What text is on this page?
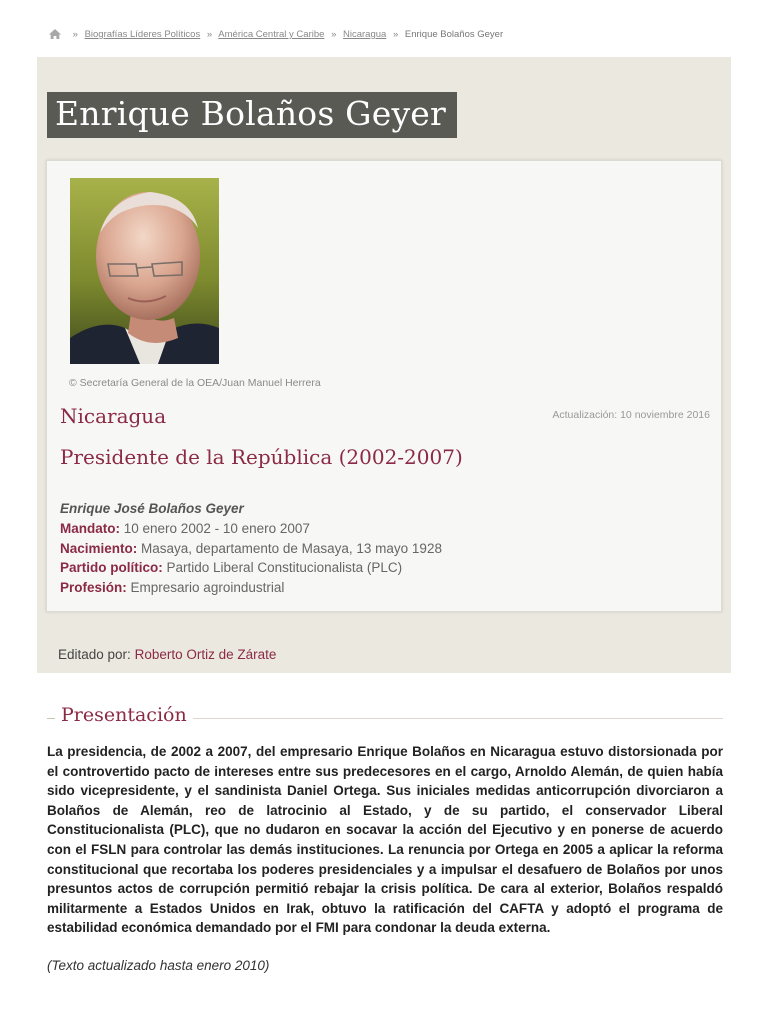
» Biografías Líderes Políticos » América Central y Caribe » Nicaragua » Enrique Bolaños Geyer
Enrique Bolaños Geyer
© Secretaría General de la OEA/Juan Manuel Herrera
Nicaragua	Actualización: 10 noviembre 2016
Presidente de la República (2002-2007)
Enrique José Bolaños Geyer
Mandato: 10 enero 2002 - 10 enero 2007
Nacimiento: Masaya, departamento de Masaya, 13 mayo 1928
Partido político: Partido Liberal Constitucionalista (PLC)
Profesión: Empresario agroindustrial
Editado por: Roberto Ortiz de Zárate
Presentación
La presidencia, de 2002 a 2007, del empresario Enrique Bolaños en Nicaragua estuvo distorsionada por el controvertido pacto de intereses entre sus predecesores en el cargo, Arnoldo Alemán, de quien había sido vicepresidente, y el sandinista Daniel Ortega. Sus iniciales medidas anticorrupción divorciaron a Bolaños de Alemán, reo de latrocinio al Estado, y de su partido, el conservador Liberal Constitucionalista (PLC), que no dudaron en socavar la acción del Ejecutivo y en ponerse de acuerdo con el FSLN para controlar las demás instituciones. La renuncia por Ortega en 2005 a aplicar la reforma constitucional que recortaba los poderes presidenciales y a impulsar el desafuero de Bolaños por unos presuntos actos de corrupción permitió rebajar la crisis política. De cara al exterior, Bolaños respaldó militarmente a Estados Unidos en Irak, obtuvo la ratificación del CAFTA y adoptó el programa de estabilidad económica demandado por el FMI para condonar la deuda externa.
(Texto actualizado hasta enero 2010)
